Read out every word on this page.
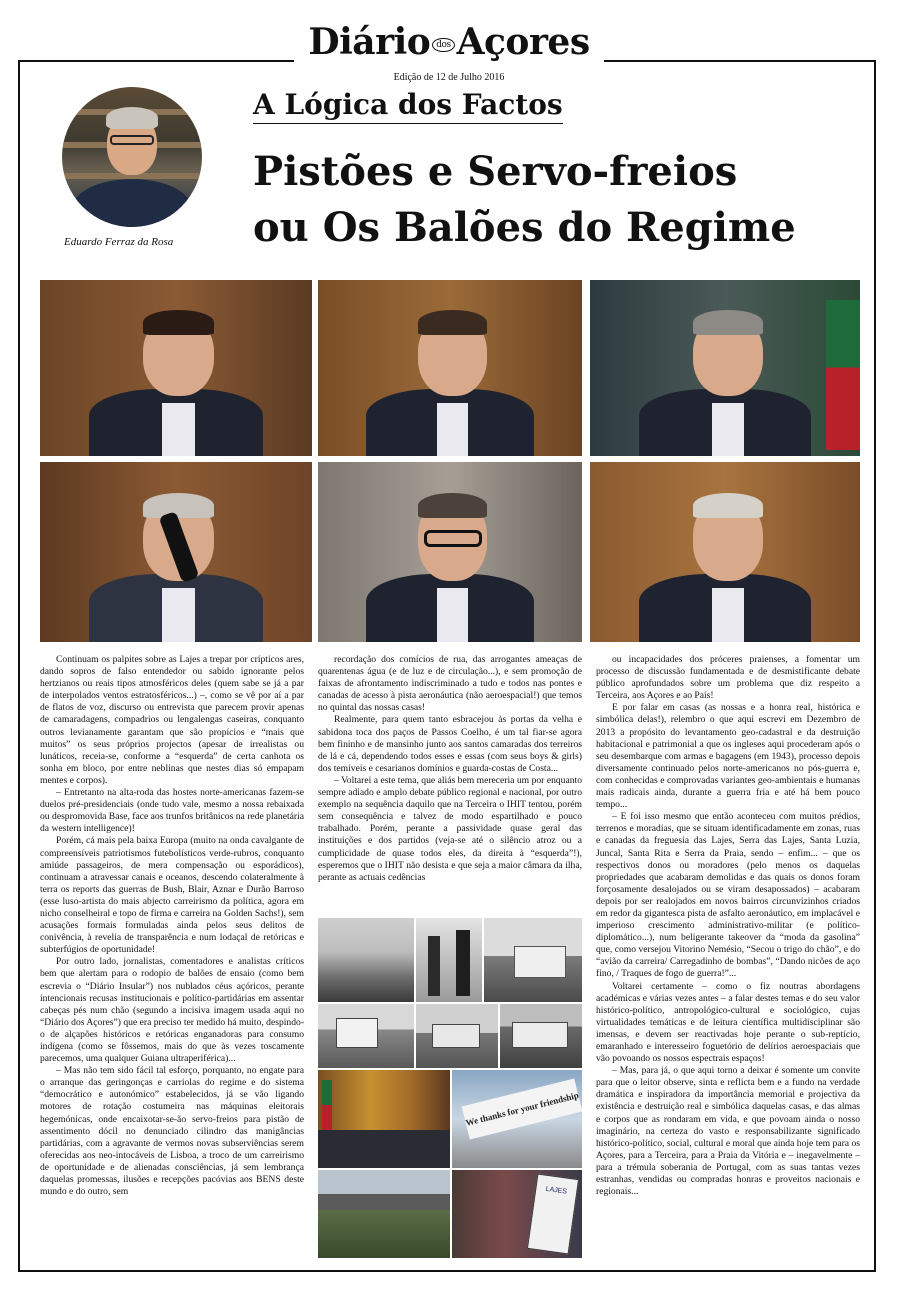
Diário dos Açores
Edição de 12 de Julho 2016
Eduardo Ferraz da Rosa
A Lógica dos Factos
Pistões e Servo-freios
ou Os Balões do Regime

Continuam os palpites sobre as Lajes a trepar por crípticos ares, dando sopros de falso entendedor ou sabido ignorante pelos hertzianos ou reais tipos atmosféricos deles (quem sabe se já a par de interpolados ventos estratosféricos...) –, como se vê por aí a par de flatos de voz, discurso ou entrevista que parecem provir apenas de camaradagens, compadrios ou lengalengas caseiras, conquanto outros levianamente garantam que são propícios e “mais que muitos” os seus próprios projectos (apesar de irrealistas ou lunáticos, receia-se, conforme a “esquerda” de certa canhota os sonha em bloco, por entre neblinas que nestes dias só empapam mentes e corpos).

– Entretanto na alta-roda das hostes norte-americanas fazem-se duelos pré-presidenciais (onde tudo vale, mesmo a nossa rebaixada ou despromovida Base, face aos trunfos britânicos na rede planetária da western intelligence)!

Porém, cá mais pela baixa Europa (muito na onda cavalgante de compreensíveis patriotismos futebolísticos verde-rubros, conquanto amiúde passageiros, de mera compensação ou esporádicos), continuam a atravessar canais e oceanos, descendo colateralmente à terra os reports das guerras de Bush, Blair, Aznar e Durão Barroso (esse luso-artista do mais abjecto carreirismo da política, agora em nicho conselheiral e topo de firma e carreira na Golden Sachs!), sem acusações formais formuladas ainda pelos seus delitos de conivência, à revelia de transparência e num lodaçal de retóricas e subterfúgios de oportunidade!

Por outro lado, jornalistas, comentadores e analistas críticos bem que alertam para o rodopio de balões de ensaio (como bem escrevia o “Diário Insular”) nos nublados céus açóricos, perante intencionais recusas institucionais e político-partidárias em assentar cabeças pés num chão (segundo a incisiva imagem usada aqui no “Diário dos Açores”) que era preciso ter medido há muito, despindo-o de alçapões históricos e retóricas enganadoras para consumo indígena (como se fôssemos, mais do que às vezes toscamente parecemos, uma qualquer Guiana ultraperiférica)...

– Mas não tem sido fácil tal esforço, porquanto, no engate para o arranque das geringonças e carriolas do regime e do sistema “democrático e autonómico” estabelecidos, já se vão ligando motores de rotação costumeira nas máquinas eleitorais hegemónicas, onde encaixotar-se-ão servo-freios para pistão de assentimento dócil no denunciado cilindro das manigâncias partidárias, com a agravante de vermos novas subserviências serem oferecidas aos neo-intocáveis de Lisboa, a troco de um carreirismo de oportunidade e de alienadas consciências, já sem lembrança daquelas promessas, ilusões e recepções pacóvias aos BENS deste mundo e do outro, sem

recordação dos comícios de rua, das arrogantes ameaças de quarentenas água (e de luz e de circulação...), e sem promoção de faixas de afrontamento indiscriminado a tudo e todos nas pontes e canadas de acesso à pista aeronáutica (não aeroespacial!) que temos no quintal das nossas casas!

Realmente, para quem tanto esbracejou às portas da velha e sabidona toca dos paços de Passos Coelho, é um tal fiar-se agora bem fininho e de mansinho junto aos santos camaradas dos terreiros de lá e cá, dependendo todos esses e essas (com seus boys & girls) dos temíveis e cesarianos domínios e guarda-costas de Costa...

– Voltarei a este tema, que aliás bem mereceria um por enquanto sempre adiado e amplo debate público regional e nacional, por outro exemplo na sequência daquilo que na Terceira o IHIT tentou, porém sem consequência e talvez de modo espartilhado e pouco trabalhado. Porém, perante a passividade quase geral das instituições e dos partidos (veja-se até o silêncio atroz ou a cumplicidade de quase todos eles, da direita à “esquerda”!), esperemos que o IHIT não desista e que seja a maior câmara da ilha, perante as actuais cedências

ou incapacidades dos próceres praienses, a fomentar um processo de discussão fundamentada e de desmistificante debate público aprofundados sobre um problema que diz respeito a Terceira, aos Açores e ao País!

E por falar em casas (as nossas e a honra real, histórica e simbólica delas!), relembro o que aqui escrevi em Dezembro de 2013 a propósito do levantamento geo-cadastral e da destruição habitacional e patrimonial a que os ingleses aqui procederam após o seu desembarque com armas e bagagens (em 1943), processo depois diversamente continuado pelos norte-americanos no pós-guerra e, com conhecidas e comprovadas variantes geo-ambientais e humanas mais radicais ainda, durante a guerra fria e até há bem pouco tempo...

– E foi isso mesmo que então aconteceu com muitos prédios, terrenos e moradias, que se situam identificadamente em zonas, ruas e canadas da freguesia das Lajes, Serra das Lajes, Santa Luzia, Juncal, Santa Rita e Serra da Praia, sendo – enfim... – que os respectivos donos ou moradores (pelo menos os daquelas propriedades que acabaram demolidas e das quais os donos foram forçosamente desalojados ou se viram desapossados) – acabaram depois por ser realojados em novos bairros circunvizinhos criados em redor da gigantesca pista de asfalto aeronáutico, em implacável e imperioso crescimento administrativo-militar (e político-diplomático...), num beligerante takeover da “moda da gasolina” que, como versejou Vitorino Nemésio, “Secou o trigo do chão”, e do “avião da carreira/ Carregadinho de bombas”, “Dando nicões de aço fino, / Traques de fogo de guerra!”...

Voltarei certamente – como o fiz noutras abordagens académicas e várias vezes antes – a falar destes temas e do seu valor histórico-político, antropológico-cultural e sociológico, cujas virtualidades temáticas e de leitura científica multidisciplinar são imensas, e devem ser reactivadas hoje perante o sub-reptício, emaranhado e interesseiro foguetório de delírios aeroespaciais que vão povoando os nossos espectrais espaços!

– Mas, para já, o que aqui torno a deixar é somente um convite para que o leitor observe, sinta e reflicta bem e a fundo na verdade dramática e inspiradora da importância memorial e projectiva da existência e destruição real e simbólica daquelas casas, e das almas e corpos que as rondaram em vida, e que povoam ainda o nosso imaginário, na certeza do vasto e responsabilizante significado histórico-político, social, cultural e moral que ainda hoje tem para os Açores, para a Terceira, para a Praia da Vitória e – inegavelmente – para a trémula soberania de Portugal, com as suas tantas vezes estranhas, vendidas ou compradas honras e proveitos nacionais e regionais...

We thanks for your friendship
LAJES
